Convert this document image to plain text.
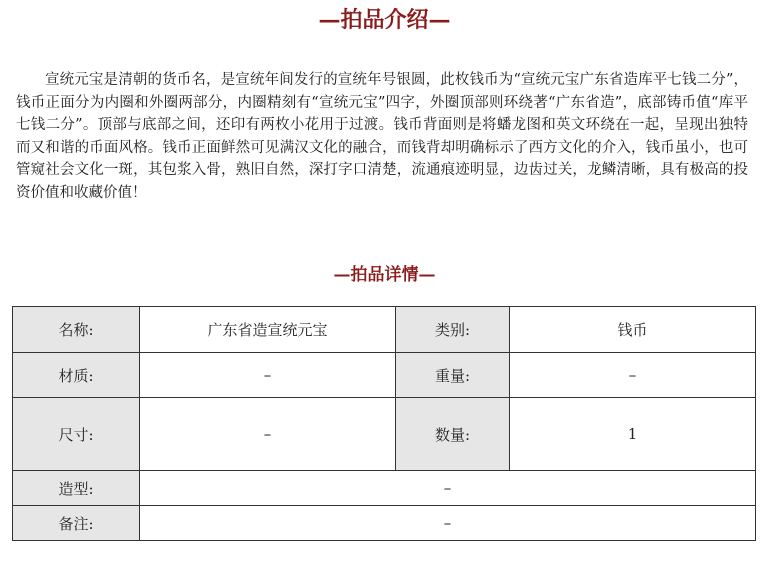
—拍品介绍—

宣统元宝是清朝的货币名，是宣统年间发行的宣统年号银圆，此枚钱币为“宣统元宝广东省造库平七钱二分”，钱币正面分为内圈和外圈两部分，内圈精刻有“宣统元宝”四字，外圈顶部则环绕著“广东省造”，底部铸币值“库平七钱二分”。顶部与底部之间，还印有两枚小花用于过渡。钱币背面则是将蟠龙图和英文环绕在一起，呈现出独特而又和谐的币面风格。钱币正面鲜然可见满汉文化的融合，而钱背却明确标示了西方文化的介入，钱币虽小，也可管窥社会文化一斑，其包浆入骨，熟旧自然，深打字口清楚，流通痕迹明显，边齿过关，龙鳞清晰，具有极高的投资价值和收藏价值！

—拍品详情—
名称:	广东省造宣统元宝	类别:	钱币
材质:	–	重量:	–
尺寸:	–	数量:	1
造型:	–		
备注:	–		
